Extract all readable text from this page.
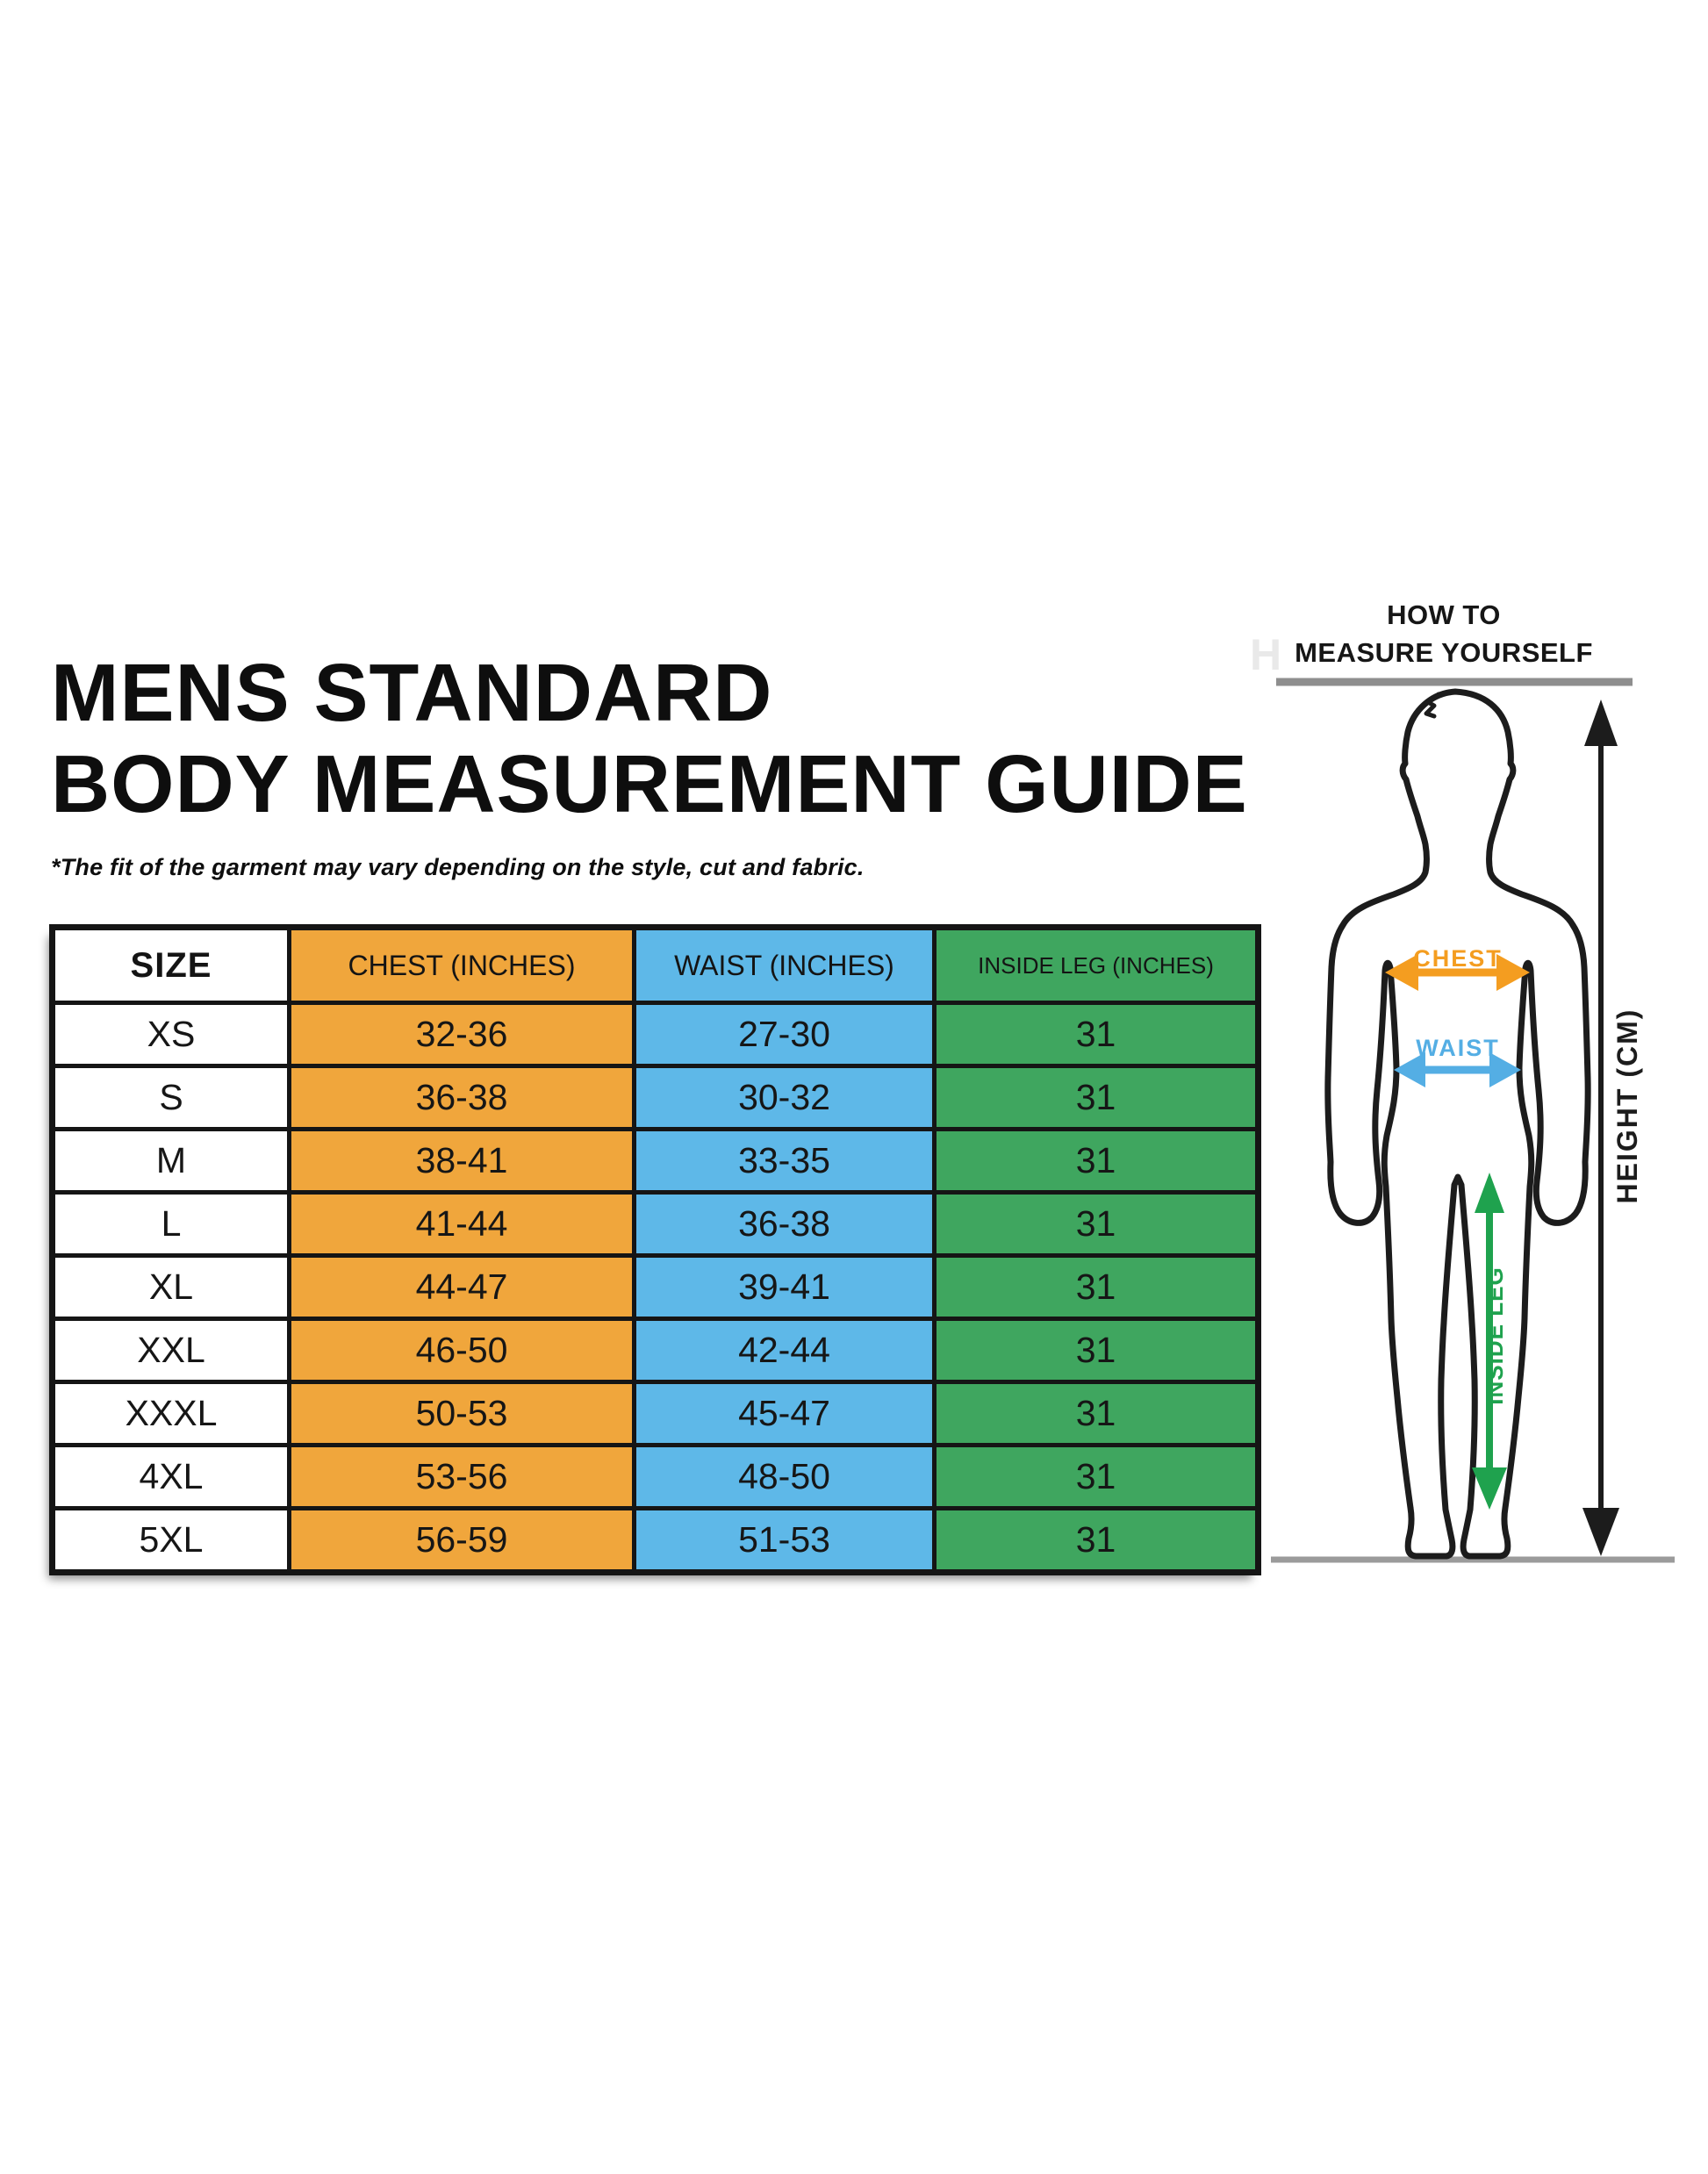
MENS STANDARD
BODY MEASUREMENT GUIDE
*The fit of the garment may vary depending on the style, cut and fabric.
SIZE	CHEST (INCHES)	WAIST (INCHES)	INSIDE LEG (INCHES)
XS	32-36	27-30	31
S	36-38	30-32	31
M	38-41	33-35	31
L	41-44	36-38	31
XL	44-47	39-41	31
XXL	46-50	42-44	31
XXXL	50-53	45-47	31
4XL	53-56	48-50	31
5XL	56-59	51-53	31
H
HOW TO
MEASURE YOURSELF
HEIGHT (CM)
CHEST
WAIST
INSIDE LEG
